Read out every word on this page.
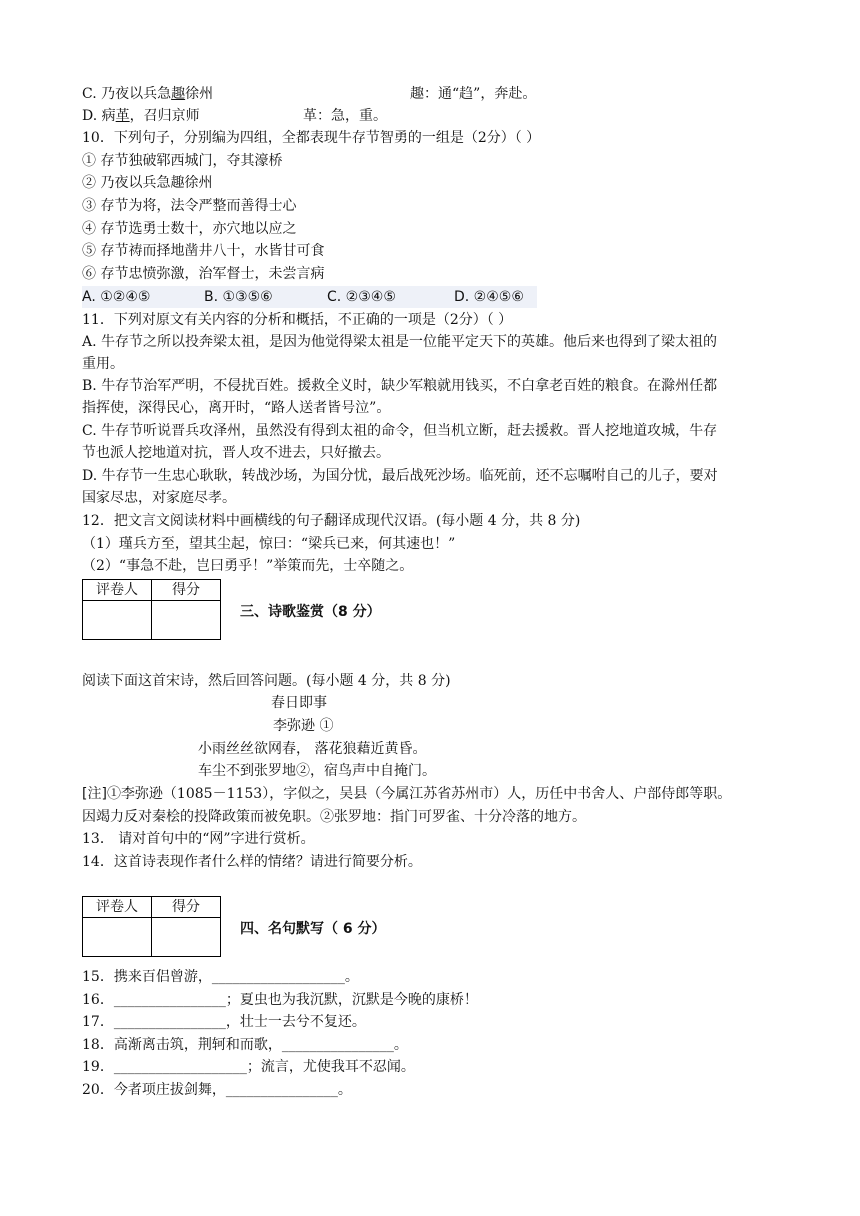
C. 乃夜以兵急趣徐州	趣：通“趋”，奔赴。
D. 病革，召归京师	革：急，重。
10．下列句子，分别编为四组，全都表现牛存节智勇的一组是（2分）（ ）
① 存节独破郓西城门，夺其濠桥
② 乃夜以兵急趣徐州
③ 存节为将，法令严整而善得士心
④ 存节选勇士数十，亦穴地以应之
⑤ 存节祷而择地凿井八十，水皆甘可食
⑥ 存节忠愤弥激，治军督士，未尝言病
A. ①②④⑤	B. ①③⑤⑥	C. ②③④⑤	D. ②④⑤⑥
11．下列对原文有关内容的分析和概括，不正确的一项是（2分）（ ）
A. 牛存节之所以投奔梁太祖，是因为他觉得梁太祖是一位能平定天下的英雄。他后来也得到了梁太祖的
重用。
B. 牛存节治军严明，不侵扰百姓。援救全义时，缺少军粮就用钱买，不白拿老百姓的粮食。在滁州任都
指挥使，深得民心，离开时，“路人送者皆号泣”。
C. 牛存节听说晋兵攻泽州，虽然没有得到太祖的命令，但当机立断，赶去援救。晋人挖地道攻城，牛存
节也派人挖地道对抗，晋人攻不进去，只好撤去。
D. 牛存节一生忠心耿耿，转战沙场，为国分忧，最后战死沙场。临死前，还不忘嘱咐自己的儿子，要对
国家尽忠，对家庭尽孝。
12．把文言文阅读材料中画横线的句子翻译成现代汉语。(每小题 4 分，共 8 分)
（1）瑾兵方至，望其尘起，惊曰：“梁兵已来，何其速也！”
（2）“事急不赴，岂曰勇乎！”举策而先，士卒随之。
评卷人	得分

三、诗歌鉴赏（8 分）
阅读下面这首宋诗，然后回答问题。(每小题 4 分，共 8 分)
春日即事
李弥逊 ①
小雨丝丝欲网春， 落花狼藉近黄昏。
车尘不到张罗地②，宿鸟声中自掩门。
[注]①李弥逊（1085－1153），字似之，吴县（今属江苏省苏州市）人，历任中书舍人、户部侍郎等职。
因竭力反对秦桧的投降政策而被免职。②张罗地：指门可罗雀、十分冷落的地方。
13． 请对首句中的“网”字进行赏析。
14．这首诗表现作者什么样的情绪？请进行简要分析。
评卷人	得分

四、名句默写（ 6 分）
15．携来百侣曾游，___________________。
16．________________；夏虫也为我沉默，沉默是今晚的康桥！
17．________________，壮士一去兮不复还。
18．高渐离击筑，荆轲和而歌，________________。
19．___________________；流言，尤使我耳不忍闻。
20．今者项庄拔剑舞，________________。
